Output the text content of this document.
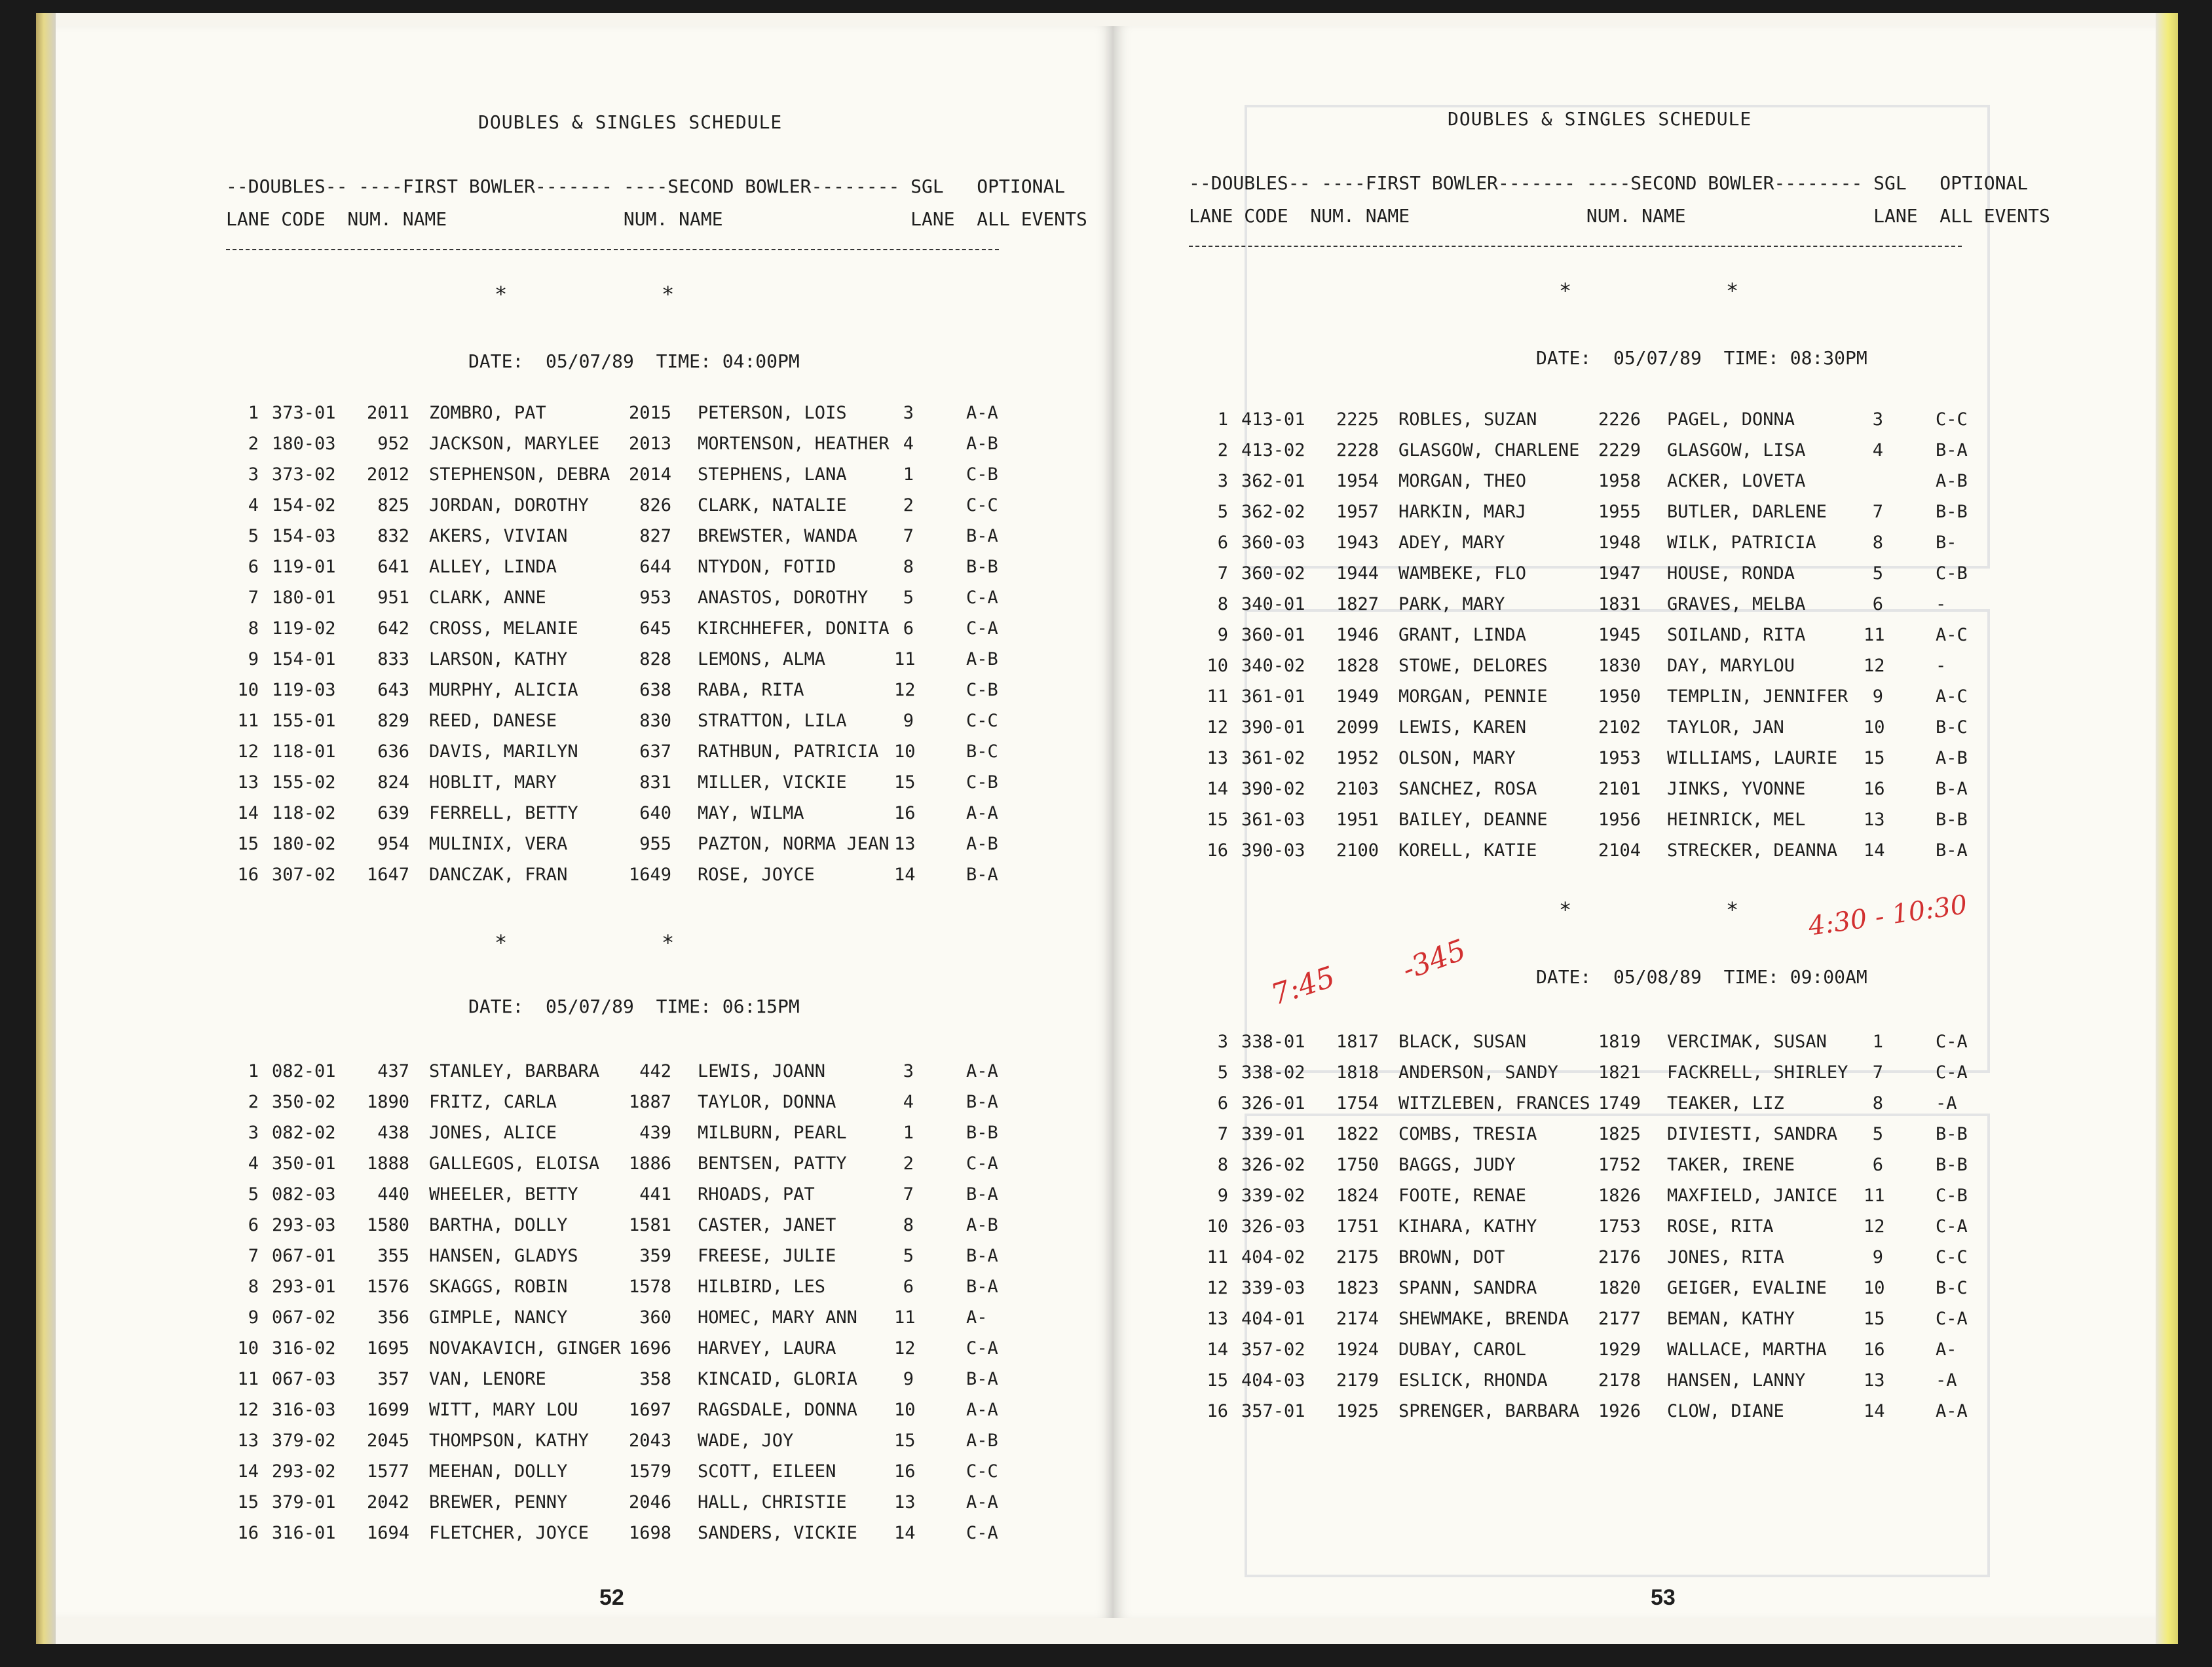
DOUBLES & SINGLES SCHEDULE
--DOUBLES-- ----FIRST BOWLER------- ----SECOND BOWLER-------- SGL   OPTIONAL
LANE CODE  NUM. NAME                NUM. NAME                 LANE  ALL EVENTS
*	*
DATE:  05/07/89  TIME: 04:00PM
1 373-01 2011 ZOMBRO, PAT	2015 PETERSON, LOIS	3	A-A
2 180-03	952 JACKSON, MARYLEE 2013 MORTENSON, HEATHER 4	A-B
3 373-02 2012 STEPHENSON, DEBRA 2014 STEPHENS, LANA	1	C-B
4 154-02	825 JORDAN, DOROTHY	826 CLARK, NATALIE	2	C-C
5 154-03	832 AKERS, VIVIAN	827 BREWSTER, WANDA	7	B-A
6 119-01	641 ALLEY, LINDA	644 NTYDON, FOTID	8	B-B
7 180-01	951 CLARK, ANNE	953 ANASTOS, DOROTHY	5	C-A
8 119-02	642 CROSS, MELANIE	645 KIRCHHEFER, DONITA 6	C-A
9 154-01	833 LARSON, KATHY	828 LEMONS, ALMA	11	A-B
10 119-03	643 MURPHY, ALICIA	638 RABA, RITA	12	C-B
11 155-01	829 REED, DANESE	830 STRATTON, LILA	9	C-C
12 118-01	636 DAVIS, MARILYN	637 RATHBUN, PATRICIA 10	B-C
13 155-02	824 HOBLIT, MARY	831 MILLER, VICKIE	15	C-B
14 118-02	639 FERRELL, BETTY	640 MAY, WILMA	16	A-A
15 180-02	954 MULINIX, VERA	955 PAZTON, NORMA JEAN 13	A-B
16 307-02 1647 DANCZAK, FRAN	1649 ROSE, JOYCE	14	B-A
*	*
DATE:  05/07/89  TIME: 06:15PM
1 082-01	437 STANLEY, BARBARA	442 LEWIS, JOANN	3	A-A
2 350-02 1890 FRITZ, CARLA	1887 TAYLOR, DONNA	4	B-A
3 082-02	438 JONES, ALICE	439 MILBURN, PEARL	1	B-B
4 350-01 1888 GALLEGOS, ELOISA 1886 BENTSEN, PATTY	2	C-A
5 082-03	440 WHEELER, BETTY	441 RHOADS, PAT	7	B-A
6 293-03 1580 BARTHA, DOLLY	1581 CASTER, JANET	8	A-B
7 067-01	355 HANSEN, GLADYS	359 FREESE, JULIE	5	B-A
8 293-01 1576 SKAGGS, ROBIN	1578 HILBIRD, LES	6	B-A
9 067-02	356 GIMPLE, NANCY	360 HOMEC, MARY ANN 11	A-
10 316-02 1695 NOVAKAVICH, GINGER 1696 HARVEY, LAURA	12	C-A
11 067-03	357 VAN, LENORE	358 KINCAID, GLORIA	9	B-A
12 316-03 1699 WITT, MARY LOU	1697 RAGSDALE, DONNA 10	A-A
13 379-02 2045 THOMPSON, KATHY 2043 WADE, JOY	15	A-B
14 293-02 1577 MEEHAN, DOLLY	1579 SCOTT, EILEEN	16	C-C
15 379-01 2042 BREWER, PENNY	2046 HALL, CHRISTIE	13	A-A
16 316-01 1694 FLETCHER, JOYCE 1698 SANDERS, VICKIE 14	C-A
52
DOUBLES & SINGLES SCHEDULE
--DOUBLES-- ----FIRST BOWLER------- ----SECOND BOWLER-------- SGL   OPTIONAL
LANE CODE  NUM. NAME                NUM. NAME                 LANE  ALL EVENTS
*	*
DATE:  05/07/89  TIME: 08:30PM
1 413-01 2225 ROBLES, SUZAN	2226 PAGEL, DONNA	3	C-C
2 413-02 2228 GLASGOW, CHARLENE 2229 GLASGOW, LISA	4	B-A
3 362-01 1954 MORGAN, THEO	1958 ACKER, LOVETA	A-B
5 362-02 1957 HARKIN, MARJ	1955 BUTLER, DARLENE	7	B-B
6 360-03 1943 ADEY, MARY	1948 WILK, PATRICIA	8	B-
7 360-02 1944 WAMBEKE, FLO	1947 HOUSE, RONDA	5	C-B
8 340-01 1827 PARK, MARY	1831 GRAVES, MELBA	6	-
9 360-01 1946 GRANT, LINDA	1945 SOILAND, RITA	11	A-C
10 340-02 1828 STOWE, DELORES	1830 DAY, MARYLOU	12	-
11 361-01 1949 MORGAN, PENNIE	1950 TEMPLIN, JENNIFER	9	A-C
12 390-01 2099 LEWIS, KAREN	2102 TAYLOR, JAN	10	B-C
13 361-02 1952 OLSON, MARY	1953 WILLIAMS, LAURIE 15	A-B
14 390-02 2103 SANCHEZ, ROSA	2101 JINKS, YVONNE	16	B-A
15 361-03 1951 BAILEY, DEANNE	1956 HEINRICK, MEL	13	B-B
16 390-03 2100 KORELL, KATIE	2104 STRECKER, DEANNA 14	B-A
*	*
7:45 -345
4:30 - 10:30
DATE:  05/08/89  TIME: 09:00AM
3 338-01 1817 BLACK, SUSAN	1819 VERCIMAK, SUSAN	1	C-A
5 338-02 1818 ANDERSON, SANDY 1821 FACKRELL, SHIRLEY	7	C-A
6 326-01 1754 WITZLEBEN, FRANCES 1749 TEAKER, LIZ	8	-A
7 339-01 1822 COMBS, TRESIA	1825 DIVIESTI, SANDRA	5	B-B
8 326-02 1750 BAGGS, JUDY	1752 TAKER, IRENE	6	B-B
9 339-02 1824 FOOTE, RENAE	1826 MAXFIELD, JANICE 11	C-B
10 326-03 1751 KIHARA, KATHY	1753 ROSE, RITA	12	C-A
11 404-02 2175 BROWN, DOT	2176 JONES, RITA	9	C-C
12 339-03 1823 SPANN, SANDRA	1820 GEIGER, EVALINE 10	B-C
13 404-01 2174 SHEWMAKE, BRENDA 2177 BEMAN, KATHY	15	C-A
14 357-02 1924 DUBAY, CAROL	1929 WALLACE, MARTHA 16	A-
15 404-03 2179 ESLICK, RHONDA	2178 HANSEN, LANNY	13	-A
16 357-01 1925 SPRENGER, BARBARA 1926 CLOW, DIANE	14	A-A
53
